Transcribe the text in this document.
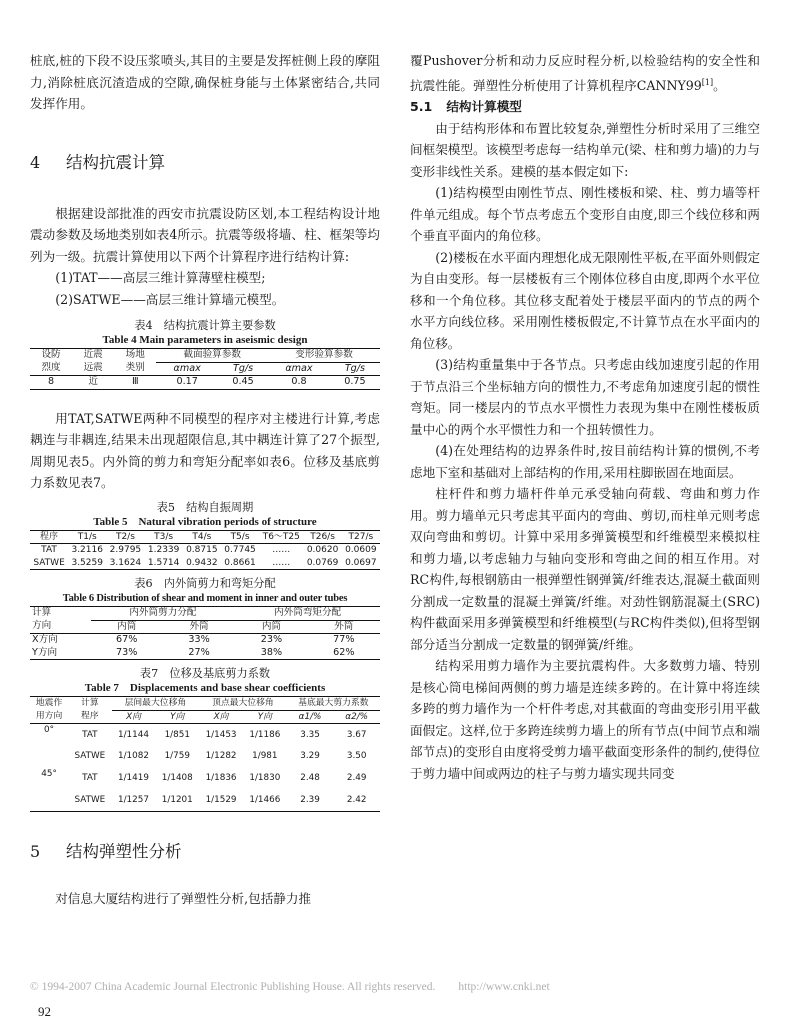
桩底,桩的下段不设压浆喷头,其目的主要是发挥桩侧上段的摩阻力,消除桩底沉渣造成的空隙,确保桩身能与土体紧密结合,共同发挥作用。

4	结构抗震计算

根据建设部批准的西安市抗震设防区划,本工程结构设计地震动参数及场地类别如表4所示。抗震等级将墙、柱、框架等均列为一级。抗震计算使用以下两个计算程序进行结构计算:

(1)TAT——高层三维计算薄壁柱模型;

(2)SATWE——高层三维计算墙元模型。

表4　结构抗震计算主要参数
Table 4 Main parameters in aseismic design
设防	近震	场地	截面验算参数		变形验算参数	
烈度	远震	类别	αmax	Tg/s	αmax	Tg/s
8	近	Ⅲ	0.17	0.45	0.8	0.75

用TAT,SATWE两种不同模型的程序对主楼进行计算,考虑耦连与非耦连,结果未出现超限信息,其中耦连计算了27个振型,周期见表5。内外筒的剪力和弯矩分配率如表6。位移及基底剪力系数见表7。

表5　结构自振周期
Table 5　Natural vibration periods of structure
程序	T1/s	T2/s	T3/s	T4/s	T5/s	T6～T25	T26/s	T27/s
TAT	3.2116	2.9795	1.2339	0.8715	0.7745	……	0.0620	0.0609
SATWE	3.5259	3.1624	1.5714	0.9432	0.8661	……	0.0769	0.0697
表6　内外筒剪力和弯矩分配
Table 6 Distribution of shear and moment in inner and outer tubes
计算	内外筒剪力分配		内外筒弯矩分配	
方向	内筒	外筒	内筒	外筒
X方向	67%	33%	23%	77%
Y方向	73%	27%	38%	62%
表7　位移及基底剪力系数
Table 7　Displacements and base shear coefficients
地震作	计算	层间最大位移角		顶点最大位移角		基底最大剪力系数	
用方向	程序	X向	Y向	X向	Y向	α1/%	α2/%
0°	TAT	1/1144	1/851	1/1453	1/1186	3.35	3.67
	SATWE	1/1082	1/759	1/1282	1/981	3.29	3.50
45°	TAT	1/1419	1/1408	1/1836	1/1830	2.48	2.49
	SATWE	1/1257	1/1201	1/1529	1/1466	2.39	2.42
5	结构弹塑性分析

对信息大厦结构进行了弹塑性分析,包括静力推

覆Pushover分析和动力反应时程分析,以检验结构的安全性和抗震性能。弹塑性分析使用了计算机程序CANNY99[1]。

5.1 结构计算模型

由于结构形体和布置比较复杂,弹塑性分析时采用了三维空间框架模型。该模型考虑每一结构单元(梁、柱和剪力墙)的力与变形非线性关系。建模的基本假定如下:

(1)结构模型由刚性节点、刚性楼板和梁、柱、剪力墙等杆件单元组成。每个节点考虑五个变形自由度,即三个线位移和两个垂直平面内的角位移。

(2)楼板在水平面内理想化成无限刚性平板,在平面外则假定为自由变形。每一层楼板有三个刚体位移自由度,即两个水平位移和一个角位移。其位移支配着处于楼层平面内的节点的两个水平方向线位移。采用刚性楼板假定,不计算节点在水平面内的角位移。

(3)结构重量集中于各节点。只考虑由线加速度引起的作用于节点沿三个坐标轴方向的惯性力,不考虑角加速度引起的惯性弯矩。同一楼层内的节点水平惯性力表现为集中在刚性楼板质量中心的两个水平惯性力和一个扭转惯性力。

(4)在处理结构的边界条件时,按目前结构计算的惯例,不考虑地下室和基础对上部结构的作用,采用柱脚嵌固在地面层。

柱杆件和剪力墙杆件单元承受轴向荷载、弯曲和剪力作用。剪力墙单元只考虑其平面内的弯曲、剪切,而柱单元则考虑双向弯曲和剪切。计算中采用多弹簧模型和纤维模型来模拟柱和剪力墙,以考虑轴力与轴向变形和弯曲之间的相互作用。对RC构件,每根钢筋由一根弹塑性钢弹簧/纤维表达,混凝土截面则分割成一定数量的混凝土弹簧/纤维。对劲性钢筋混凝土(SRC)构件截面采用多弹簧模型和纤维模型(与RC构件类似),但将型钢部分适当分割成一定数量的钢弹簧/纤维。

结构采用剪力墙作为主要抗震构件。大多数剪力墙、特别是核心筒电梯间两侧的剪力墙是连续多跨的。在计算中将连续多跨的剪力墙作为一个杆件考虑,对其截面的弯曲变形引用平截面假定。这样,位于多跨连续剪力墙上的所有节点(中间节点和端部节点)的变形自由度将受剪力墙平截面变形条件的制约,使得位于剪力墙中间或两边的柱子与剪力墙实现共同变

© 1994-2007 China Academic Journal Electronic Publishing House. All rights reserved.　　http://www.cnki.net
92
